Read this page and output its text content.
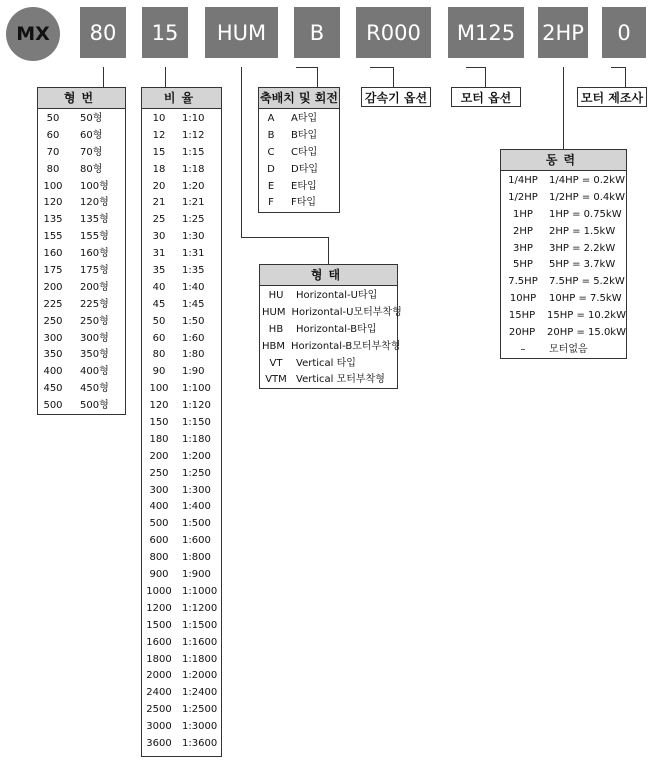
MX	80	15	HUM	B	R000	M125	2HP	0
감속기 옵션	모터 옵션	모터 제조사
형번
50	50형
60	60형
70	70형
80	80형
100 100형
120 120형
135 135형
155 155형
160 160형
175 175형
200 200형
225 225형
250 250형
300 300형
350 350형
400 400형
450 450형
500 500형
비율
10	1:10
12	1:12
15	1:15
18	1:18
20	1:20
21	1:21
25	1:25
30	1:30
31	1:31
35	1:35
40	1:40
45	1:45
50	1:50
60	1:60
80	1:80
90	1:90
100	1:100
120	1:120
150	1:150
180	1:180
200	1:200
250	1:250
300	1:300
400	1:400
500	1:500
600	1:600
800	1:800
900	1:900
1000 1:1000
1200 1:1200
1500 1:1500
1600 1:1600
1800 1:1800
2000 1:2000
2400 1:2400
2500 1:2500
3000 1:3000
3600 1:3600
축배치 및 회전
A	A타입
B	B타입
C	C타입
D	D타입
E	E타입
F	F타입
형태
HU	Horizontal-U타입
HUM Horizontal-U모터부착형
HB	Horizontal-B타입
HBM Horizontal-B모터부착형
VT	Vertical 타입
VTM Vertical 모터부착형
동력
1/4HP	1/4HP = 0.2kW
1/2HP	1/2HP = 0.4kW
1HP	1HP = 0.75kW
2HP	2HP = 1.5kW
3HP	3HP = 2.2kW
5HP	5HP = 3.7kW
7.5HP	7.5HP = 5.2kW
10HP	10HP = 7.5kW
15HP	15HP = 10.2kW
20HP	20HP = 15.0kW
–	모터없음
